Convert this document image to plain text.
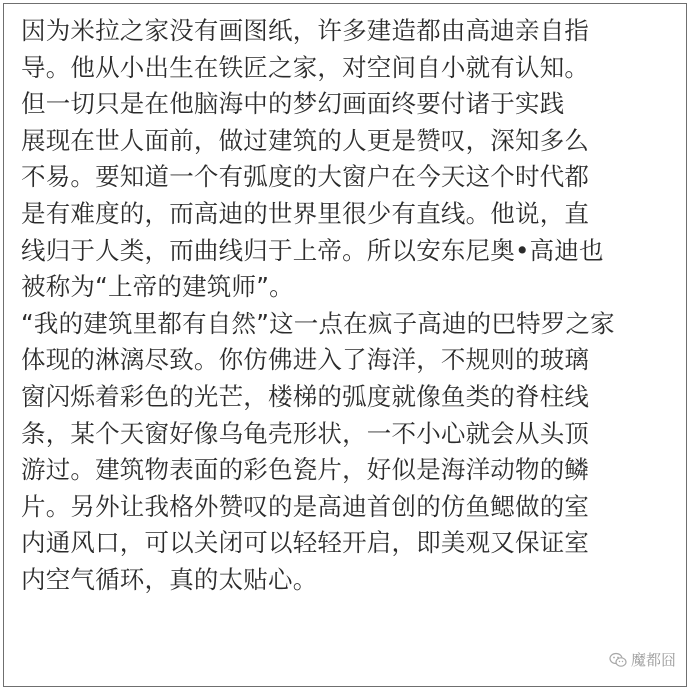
因为米拉之家没有画图纸，许多建造都由高迪亲自指
导。他从小出生在铁匠之家，对空间自小就有认知。
但一切只是在他脑海中的梦幻画面终要付诸于实践
展现在世人面前，做过建筑的人更是赞叹，深知多么
不易。要知道一个有弧度的大窗户在今天这个时代都
是有难度的，而高迪的世界里很少有直线。他说，直
线归于人类，而曲线归于上帝。所以安东尼奥•高迪也
被称为“上帝的建筑师”。
“我的建筑里都有自然”这一点在疯子高迪的巴特罗之家
体现的淋漓尽致。你仿佛进入了海洋，不规则的玻璃
窗闪烁着彩色的光芒，楼梯的弧度就像鱼类的脊柱线
条，某个天窗好像乌龟壳形状，一不小心就会从头顶
游过。建筑物表面的彩色瓷片，好似是海洋动物的鳞
片。另外让我格外赞叹的是高迪首创的仿鱼鳃做的室
内通风口，可以关闭可以轻轻开启，即美观又保证室
内空气循环，真的太贴心。
魔都囧
